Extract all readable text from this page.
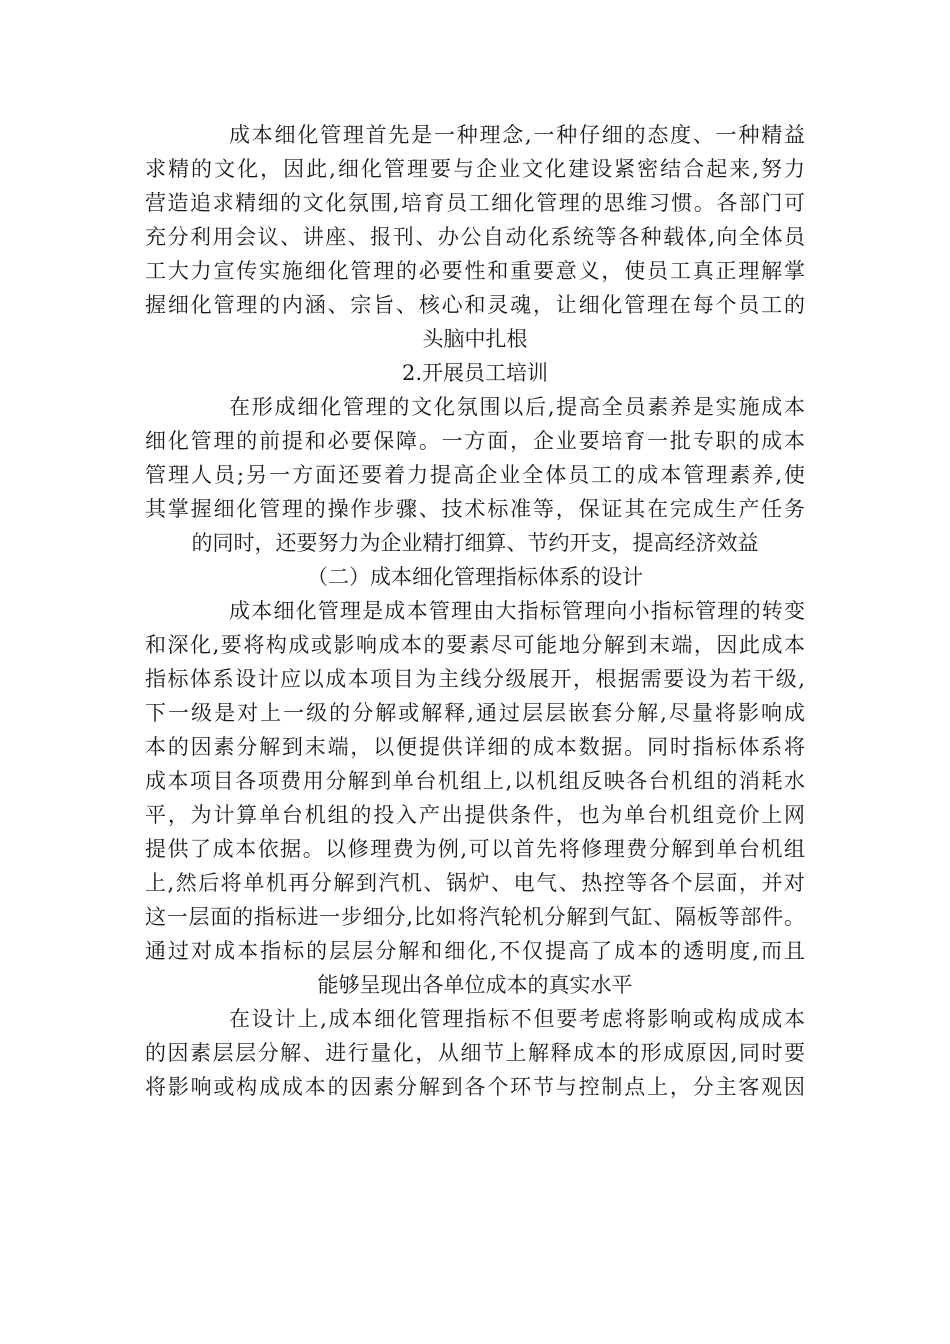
成本细化管理首先是一种理念,一种仔细的态度、一种精益
求精的文化，因此,细化管理要与企业文化建设紧密结合起来,努力
营造追求精细的文化氛围,培育员工细化管理的思维习惯。各部门可
充分利用会议、讲座、报刊、办公自动化系统等各种载体,向全体员
工大力宣传实施细化管理的必要性和重要意义，使员工真正理解掌
握细化管理的内涵、宗旨、核心和灵魂，让细化管理在每个员工的
头脑中扎根
2.开展员工培训
在形成细化管理的文化氛围以后,提高全员素养是实施成本
细化管理的前提和必要保障。一方面，企业要培育一批专职的成本
管理人员;另一方面还要着力提高企业全体员工的成本管理素养,使
其掌握细化管理的操作步骤、技术标准等，保证其在完成生产任务
的同时，还要努力为企业精打细算、节约开支，提高经济效益
（二）成本细化管理指标体系的设计
成本细化管理是成本管理由大指标管理向小指标管理的转变
和深化,要将构成或影响成本的要素尽可能地分解到末端，因此成本
指标体系设计应以成本项目为主线分级展开，根据需要设为若干级,
下一级是对上一级的分解或解释,通过层层嵌套分解,尽量将影响成
本的因素分解到末端，以便提供详细的成本数据。同时指标体系将
成本项目各项费用分解到单台机组上,以机组反映各台机组的消耗水
平，为计算单台机组的投入产出提供条件，也为单台机组竞价上网
提供了成本依据。以修理费为例,可以首先将修理费分解到单台机组
上,然后将单机再分解到汽机、锅炉、电气、热控等各个层面，并对
这一层面的指标进一步细分,比如将汽轮机分解到气缸、隔板等部件。
通过对成本指标的层层分解和细化,不仅提高了成本的透明度,而且
能够呈现出各单位成本的真实水平
在设计上,成本细化管理指标不但要考虑将影响或构成成本
的因素层层分解、进行量化，从细节上解释成本的形成原因,同时要
将影响或构成成本的因素分解到各个环节与控制点上，分主客观因
